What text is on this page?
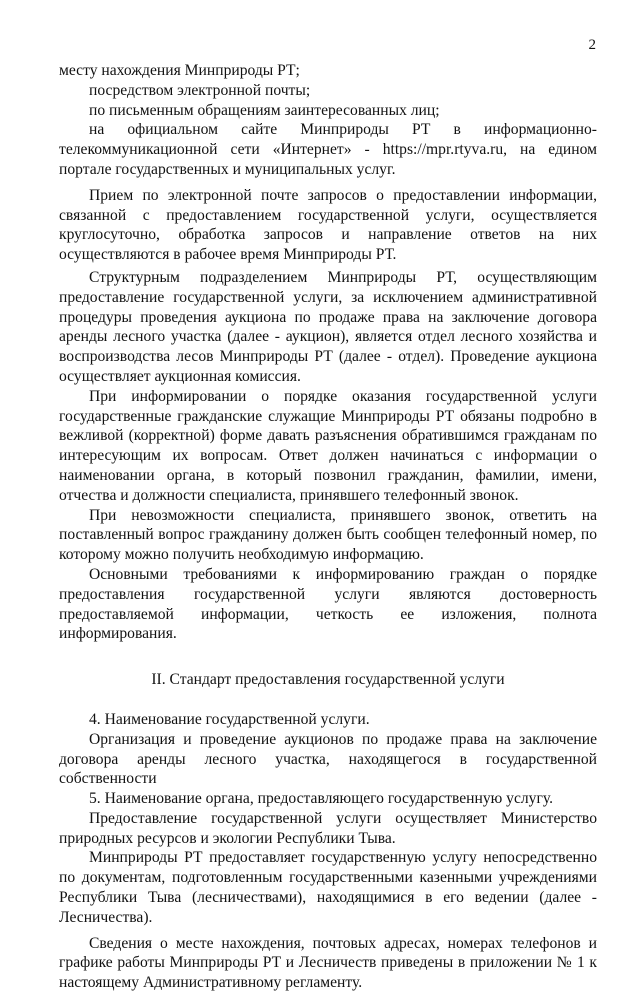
2

месту нахождения Минприроды РТ;

посредством электронной почты;

по письменным обращениям заинтересованных лиц;

на официальном сайте Минприроды РТ в информационно-телекоммуникационной сети «Интернет» - https://mpr.rtyva.ru, на едином портале государственных и муниципальных услуг.

Прием по электронной почте запросов о предоставлении информации, связанной с предоставлением государственной услуги, осуществляется круглосуточно, обработка запросов и направление ответов на них осуществляются в рабочее время Минприроды РТ.

Структурным подразделением Минприроды РТ, осуществляющим предоставление государственной услуги, за исключением административной процедуры проведения аукциона по продаже права на заключение договора аренды лесного участка (далее - аукцион), является отдел лесного хозяйства и воспроизводства лесов Минприроды РТ (далее - отдел). Проведение аукциона осуществляет аукционная комиссия.

При информировании о порядке оказания государственной услуги государственные гражданские служащие Минприроды РТ обязаны подробно в вежливой (корректной) форме давать разъяснения обратившимся гражданам по интересующим их вопросам. Ответ должен начинаться с информации о наименовании органа, в который позвонил гражданин, фамилии, имени, отчества и должности специалиста, принявшего телефонный звонок.

При невозможности специалиста, принявшего звонок, ответить на поставленный вопрос гражданину должен быть сообщен телефонный номер, по которому можно получить необходимую информацию.

Основными требованиями к информированию граждан о порядке предоставления государственной услуги являются достоверность предоставляемой информации, четкость ее изложения, полнота информирования.

II. Стандарт предоставления государственной услуги

4. Наименование государственной услуги.

Организация и проведение аукционов по продаже права на заключение договора аренды лесного участка, находящегося в государственной собственности

5. Наименование органа, предоставляющего государственную услугу.

Предоставление государственной услуги осуществляет Министерство природных ресурсов и экологии Республики Тыва.

Минприроды РТ предоставляет государственную услугу непосредственно по документам, подготовленным государственными казенными учреждениями Республики Тыва (лесничествами), находящимися в его ведении (далее - Лесничества).

Сведения о месте нахождения, почтовых адресах, номерах телефонов и графике работы Минприроды РТ и Лесничеств приведены в приложении № 1 к настоящему Административному регламенту.
